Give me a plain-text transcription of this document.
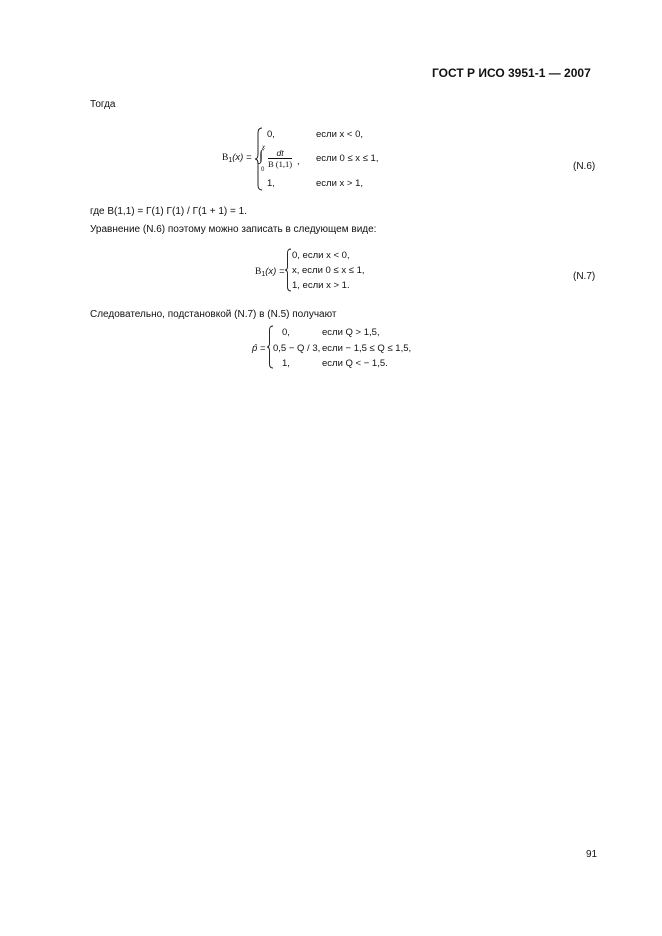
ГОСТ Р ИСО 3951-1 — 2007
Тогда
$B_1(x)$ =
0,	если x < 0,
x
∫
0
$\frac{dt}{B (1,1)}$ , если 0 ≤ x ≤ 1,
1,	если x > 1,
(N.6)
где B(1,1) = Γ(1) Γ(1) / Γ(1 + 1) = 1.
Уравнение (N.6) поэтому можно записать в следующем виде:
$B_1(x)$ =
0, если x < 0,
x, если 0 ≤ x ≤ 1,
1, если x > 1.
(N.7)
Следовательно, подстановкой (N.7) в (N.5) получают
p̂ =
0,	если Q > 1,5,
0,5 − Q / 3, если − 1,5 ≤ Q ≤ 1,5,
1,	если Q < − 1,5.
91
